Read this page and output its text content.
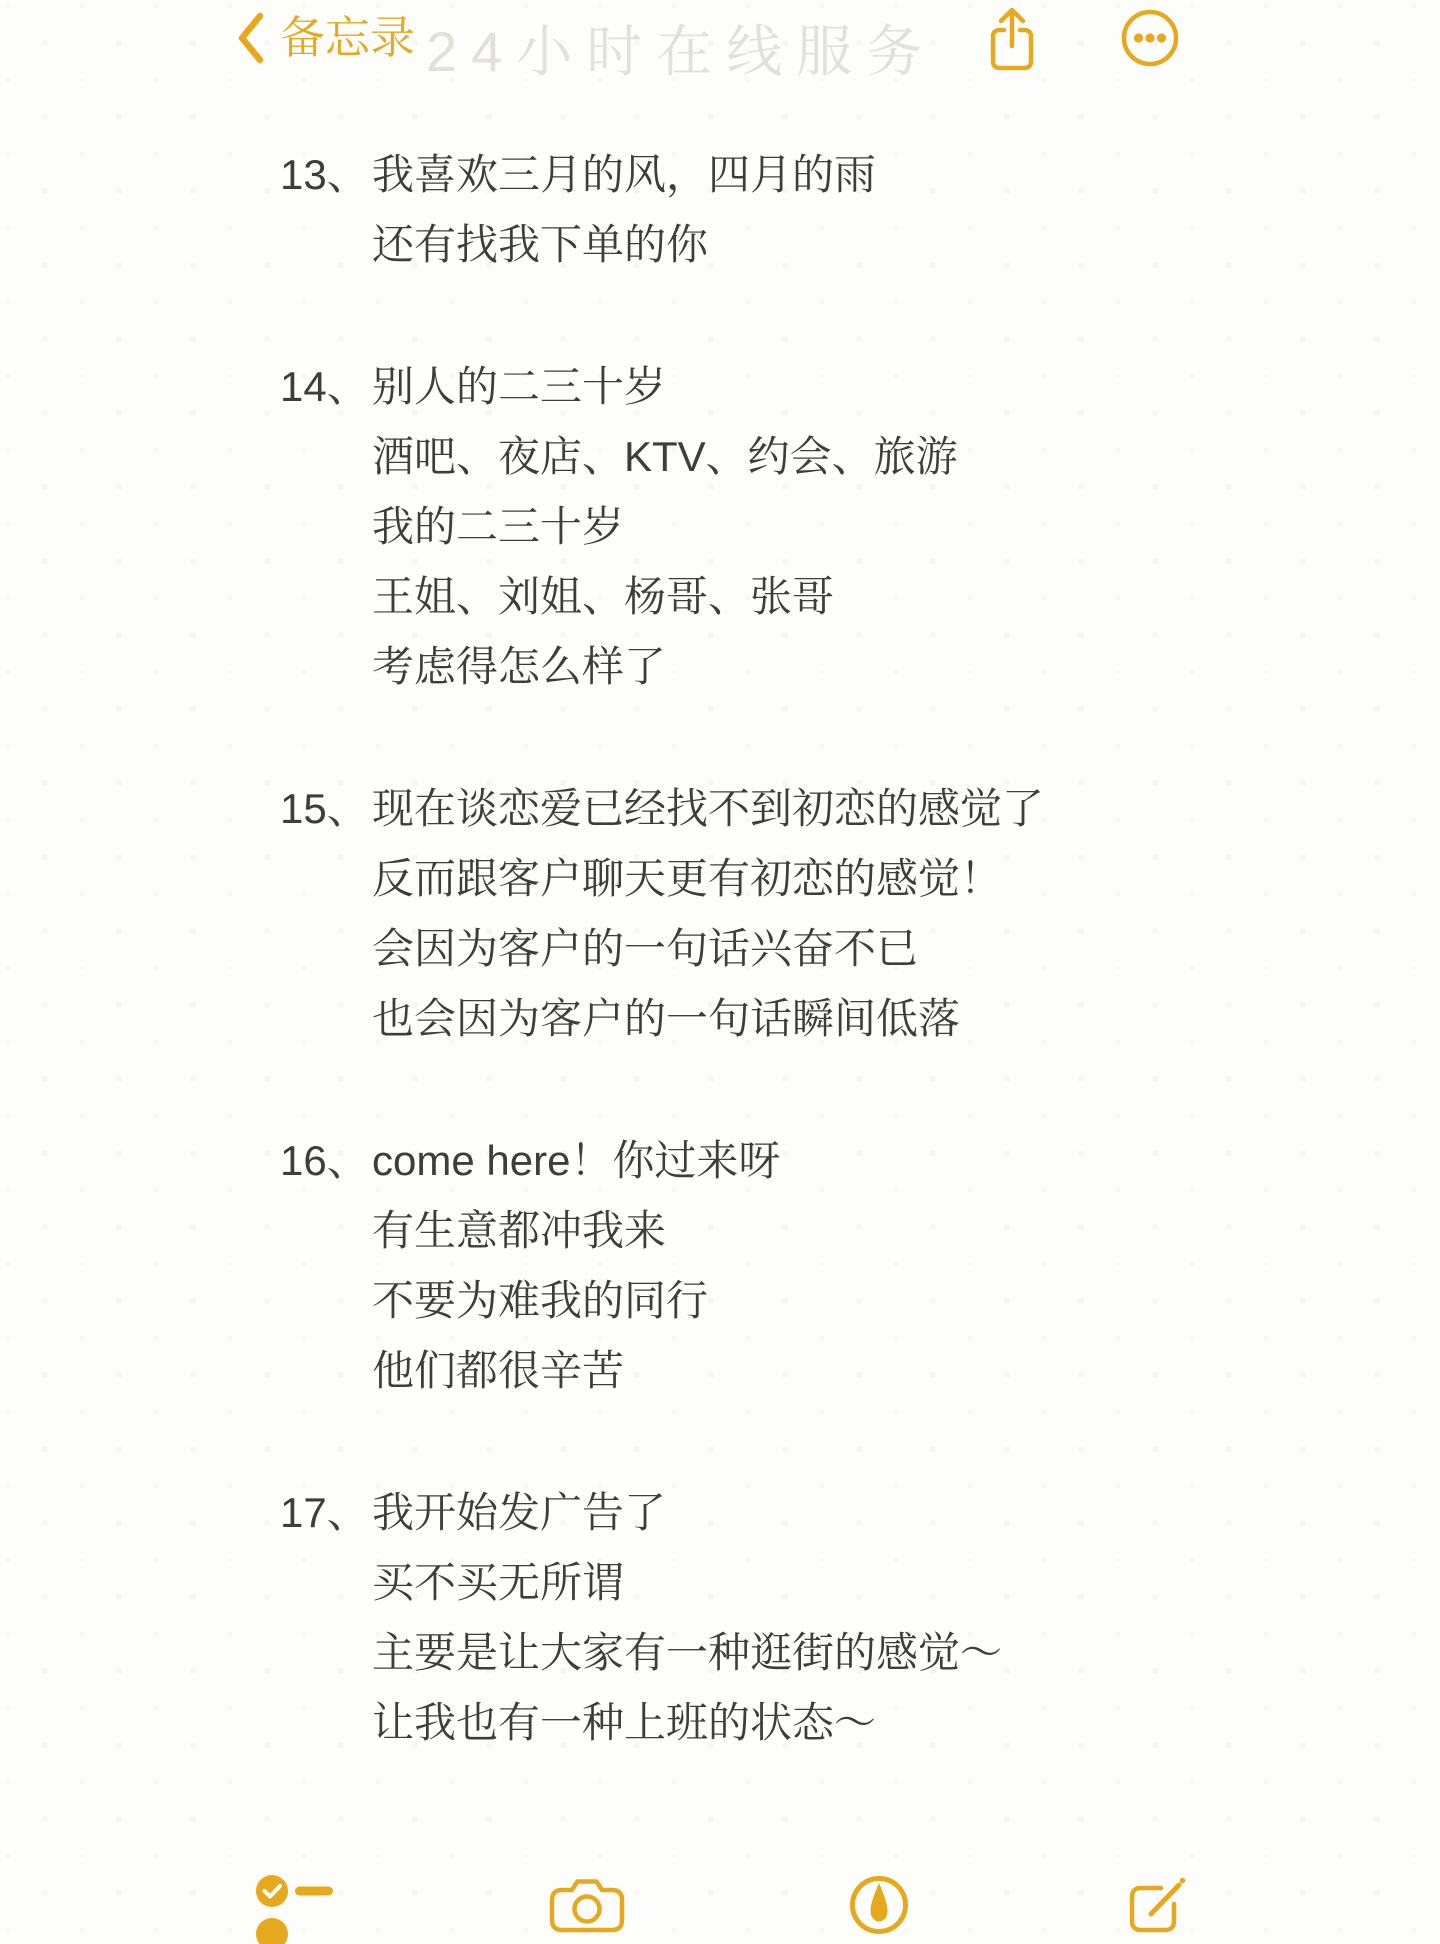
24小时在线服务
备忘录
13、我喜欢三月的风，四月的雨
还有找我下单的你
14、别人的二三十岁
酒吧、夜店、KTV、约会、旅游
我的二三十岁
王姐、刘姐、杨哥、张哥
考虑得怎么样了
15、现在谈恋爱已经找不到初恋的感觉了
反而跟客户聊天更有初恋的感觉！
会因为客户的一句话兴奋不已
也会因为客户的一句话瞬间低落
16、come here！你过来呀
有生意都冲我来
不要为难我的同行
他们都很辛苦
17、我开始发广告了
买不买无所谓
主要是让大家有一种逛街的感觉～
让我也有一种上班的状态～
